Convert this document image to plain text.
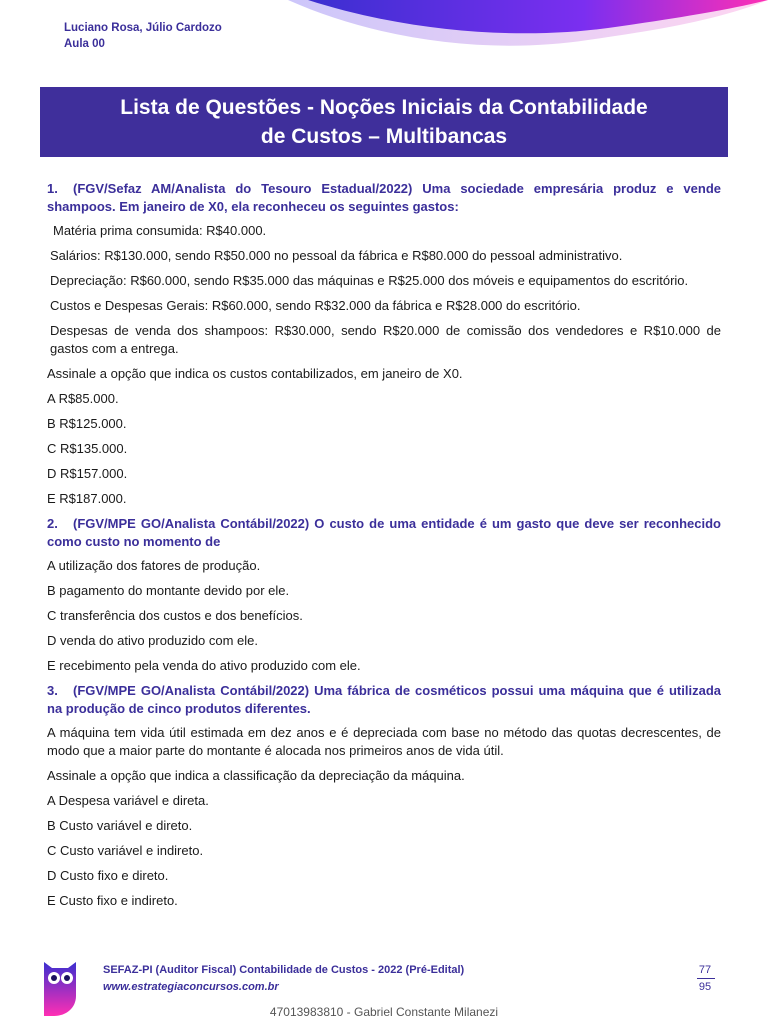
Luciano Rosa, Júlio Cardozo
Aula 00
Lista de Questões - Noções Iniciais da Contabilidade
de Custos – Multibancas
1. (FGV/Sefaz AM/Analista do Tesouro Estadual/2022) Uma sociedade empresária produz e vende shampoos. Em janeiro de X0, ela reconheceu os seguintes gastos:
Matéria prima consumida: R$40.000.
Salários: R$130.000, sendo R$50.000 no pessoal da fábrica e R$80.000 do pessoal administrativo.
Depreciação: R$60.000, sendo R$35.000 das máquinas e R$25.000 dos móveis e equipamentos do escritório.
Custos e Despesas Gerais: R$60.000, sendo R$32.000 da fábrica e R$28.000 do escritório.
Despesas de venda dos shampoos: R$30.000, sendo R$20.000 de comissão dos vendedores e R$10.000 de gastos com a entrega.
Assinale a opção que indica os custos contabilizados, em janeiro de X0.
A R$85.000.
B R$125.000.
C R$135.000.
D R$157.000.
E R$187.000.
2. (FGV/MPE GO/Analista Contábil/2022) O custo de uma entidade é um gasto que deve ser reconhecido como custo no momento de
A utilização dos fatores de produção.
B pagamento do montante devido por ele.
C transferência dos custos e dos benefícios.
D venda do ativo produzido com ele.
E recebimento pela venda do ativo produzido com ele.
3. (FGV/MPE GO/Analista Contábil/2022) Uma fábrica de cosméticos possui uma máquina que é utilizada na produção de cinco produtos diferentes.
A máquina tem vida útil estimada em dez anos e é depreciada com base no método das quotas decrescentes, de modo que a maior parte do montante é alocada nos primeiros anos de vida útil.
Assinale a opção que indica a classificação da depreciação da máquina.
A Despesa variável e direta.
B Custo variável e direto.
C Custo variável e indireto.
D Custo fixo e direto.
E Custo fixo e indireto.
SEFAZ-PI (Auditor Fiscal) Contabilidade de Custos - 2022 (Pré-Edital)
www.estrategiaconcursos.com.br
77
95
47013983810 - Gabriel Constante Milanezi
